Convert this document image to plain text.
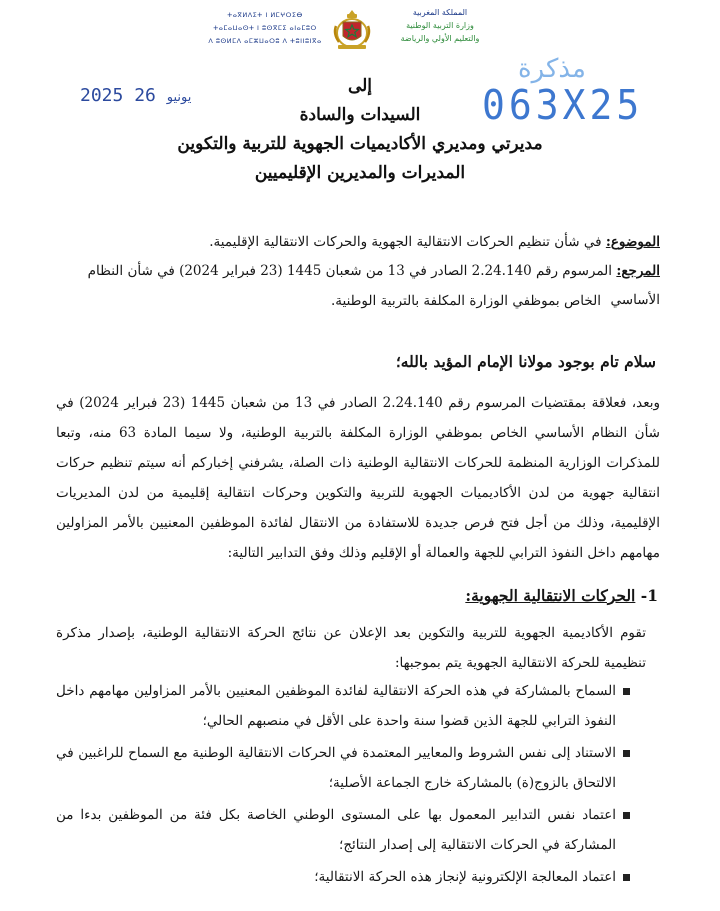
ⵜⴰⴳⵍⴷⵉⵜ ⵏ ⵍⵎⵖⵔⵉⴱ
ⵜⴰⵎⴰⵡⴰⵙⵜ ⵏ ⵓⵙⴳⵎⵉ ⴰⵏⴰⵎⵓⵔ
ⴷ ⵓⵙⵍⵎⴷ ⴰⵎⵣⵡⴰⵔⵓ ⴷ ⵜⵓⵏⵏⵓⵏⴳⴰ
المملكة المغربية
وزارة التربية الوطنية
والتعليم الأولي والرياضة
2025	يونيو 26
مذكرة
063X25
إلى
السيدات والسادة
مديرتي ومديري الأكاديميات الجهوية للتربية والتكوين
المديرات والمديرين الإقليميين
الموضوع: في شأن تنظيم الحركات الانتقالية الجهوية والحركات الانتقالية الإقليمية.
المرجع: المرسوم رقم 2.24.140 الصادر في 13 من شعبان 1445 (23 فبراير 2024) في شأن النظام الأساسي
الخاص بموظفي الوزارة المكلفة بالتربية الوطنية.
سلام تام بوجود مولانا الإمام المؤيد بالله؛
وبعد، فعلاقة بمقتضيات المرسوم رقم 2.24.140 الصادر في 13 من شعبان 1445 (23 فبراير 2024) في شأن النظام الأساسي الخاص بموظفي الوزارة المكلفة بالتربية الوطنية، ولا سيما المادة 63 منه، وتبعا للمذكرات الوزارية المنظمة للحركات الانتقالية الوطنية ذات الصلة، يشرفني إخباركم أنه سيتم تنظيم حركات انتقالية جهوية من لدن الأكاديميات الجهوية للتربية والتكوين وحركات انتقالية إقليمية من لدن المديريات الإقليمية، وذلك من أجل فتح فرص جديدة للاستفادة من الانتقال لفائدة الموظفين المعنيين بالأمر المزاولين مهامهم داخل النفوذ الترابي للجهة والعمالة أو الإقليم وذلك وفق التدابير التالية:
1- الحركات الانتقالية الجهوية:
تقوم الأكاديمية الجهوية للتربية والتكوين بعد الإعلان عن نتائج الحركة الانتقالية الوطنية، بإصدار مذكرة تنظيمية للحركة الانتقالية الجهوية يتم بموجبها:
السماح بالمشاركة في هذه الحركة الانتقالية لفائدة الموظفين المعنيين بالأمر المزاولين مهامهم داخل النفوذ الترابي للجهة الذين قضوا سنة واحدة على الأقل في منصبهم الحالي؛
الاستناد إلى نفس الشروط والمعايير المعتمدة في الحركات الانتقالية الوطنية مع السماح للراغبين في الالتحاق بالزوج(ة) بالمشاركة خارج الجماعة الأصلية؛
اعتماد نفس التدابير المعمول بها على المستوى الوطني الخاصة بكل فئة من الموظفين بدءا من المشاركة في الحركات الانتقالية إلى إصدار النتائج؛
اعتماد المعالجة الإلكترونية لإنجاز هذه الحركة الانتقالية؛
